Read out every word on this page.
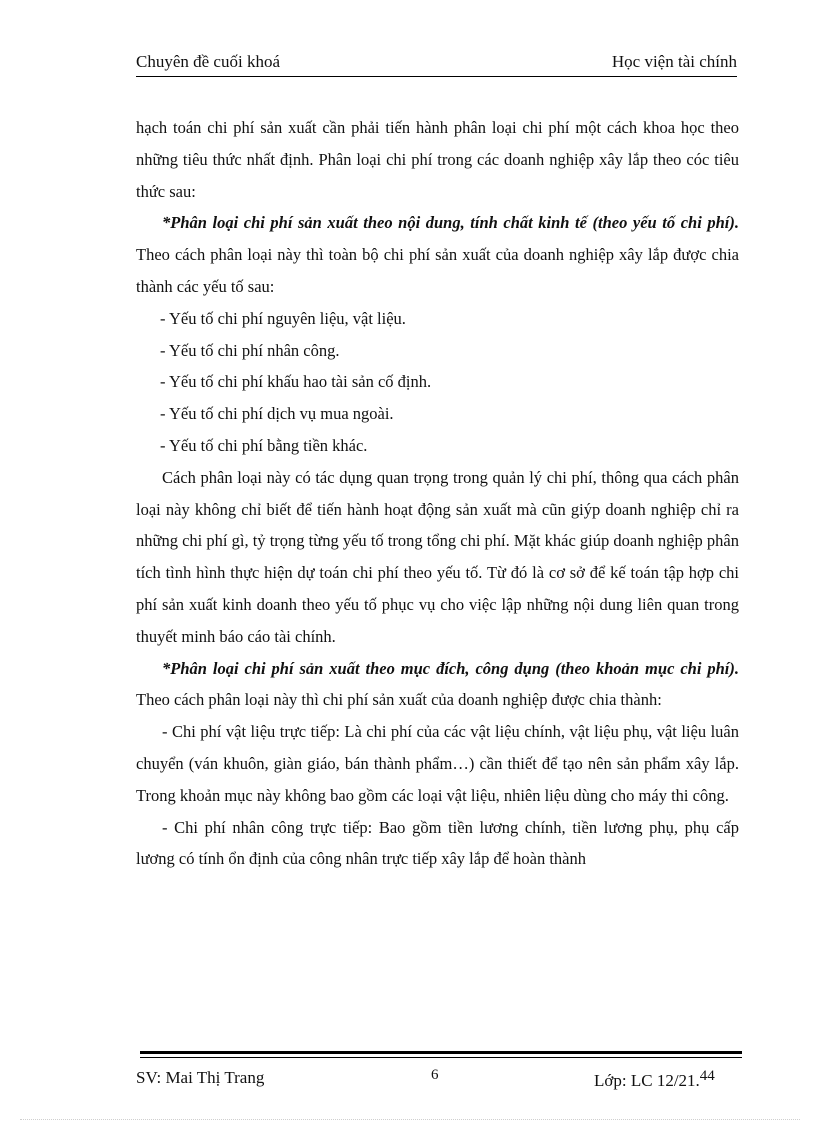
Chuyên đề cuối khoá	Học viện tài chính

hạch toán chi phí sản xuất cần phải tiến hành phân loại chi phí một cách khoa học theo những tiêu thức nhất định. Phân loại chi phí trong các doanh nghiệp xây lắp theo cóc tiêu thức sau:

*Phân loại chi phí sản xuất theo nội dung, tính chất kinh tế (theo yếu tố chi phí). Theo cách phân loại này thì toàn bộ chi phí sản xuất của doanh nghiệp xây lắp được chia thành các yếu tố sau:

- Yếu tố chi phí nguyên liệu, vật liệu.

- Yếu tố chi phí nhân công.

- Yếu tố chi phí khấu hao tài sản cố định.

- Yếu tố chi phí dịch vụ mua ngoài.

- Yếu tố chi phí bằng tiền khác.

Cách phân loại này có tác dụng quan trọng trong quản lý chi phí, thông qua cách phân loại này không chỉ biết để tiến hành hoạt động sản xuất mà cũn giýp doanh nghiệp chỉ ra những chi phí gì, tỷ trọng từng yếu tố trong tổng chi phí. Mặt khác giúp doanh nghiệp phân tích tình hình thực hiện dự toán chi phí theo yếu tố. Từ đó là cơ sở để kế toán tập hợp chi phí sản xuất kinh doanh theo yếu tố phục vụ cho việc lập những nội dung liên quan trong thuyết minh báo cáo tài chính.

*Phân loại chi phí sản xuất theo mục đích, công dụng (theo khoản mục chi phí). Theo cách phân loại này thì chi phí sản xuất của doanh nghiệp được chia thành:

- Chi phí vật liệu trực tiếp: Là chi phí của các vật liệu chính, vật liệu phụ, vật liệu luân chuyển (ván khuôn, giàn giáo, bán thành phẩm…) cần thiết để tạo nên sản phẩm xây lắp. Trong khoản mục này không bao gồm các loại vật liệu, nhiên liệu dùng cho máy thi công.

- Chi phí nhân công trực tiếp: Bao gồm tiền lương chính, tiền lương phụ, phụ cấp lương có tính ổn định của công nhân trực tiếp xây lắp để hoàn thành

SV: Mai Thị Trang	6	Lớp: LC 12/21.44
